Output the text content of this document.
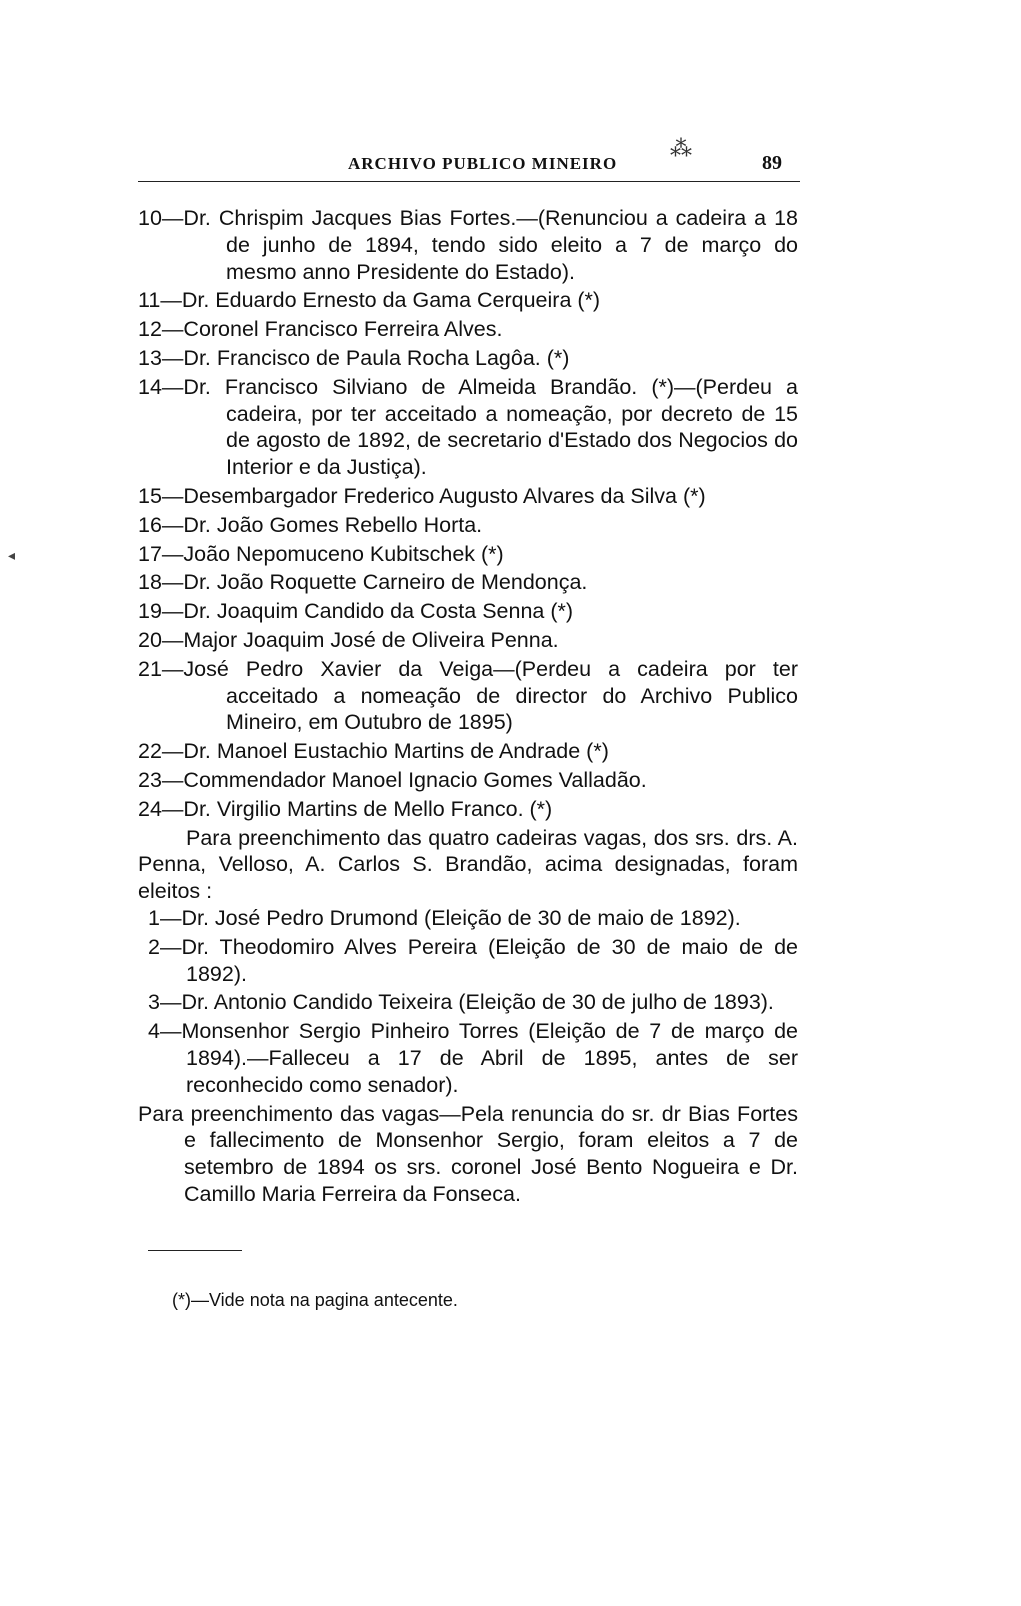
⁂
ARCHIVO PUBLICO MINEIRO	89
◂

10—Dr. Chrispim Jacques Bias Fortes.—(Renunciou a cadeira a 18 de junho de 1894, tendo sido eleito a 7 de março do mesmo anno Presidente do Estado).

11—Dr. Eduardo Ernesto da Gama Cerqueira (*)

12—Coronel Francisco Ferreira Alves.

13—Dr. Francisco de Paula Rocha Lagôa. (*)

14—Dr. Francisco Silviano de Almeida Brandão. (*)—(Perdeu a cadeira, por ter acceitado a nomeação, por decreto de 15 de agosto de 1892, de secretario d'Estado dos Negocios do Interior e da Justiça).

15—Desembargador Frederico Augusto Alvares da Silva (*)

16—Dr. João Gomes Rebello Horta.

17—João Nepomuceno Kubitschek (*)

18—Dr. João Roquette Carneiro de Mendonça.

19—Dr. Joaquim Candido da Costa Senna (*)

20—Major Joaquim José de Oliveira Penna.

21—José Pedro Xavier da Veiga—(Perdeu a cadeira por ter acceitado a nomeação de director do Archivo Publico Mineiro, em Outubro de 1895)

22—Dr. Manoel Eustachio Martins de Andrade (*)

23—Commendador Manoel Ignacio Gomes Valladão.

24—Dr. Virgilio Martins de Mello Franco. (*)

Para preenchimento das quatro cadeiras vagas, dos srs. drs. A. Penna, Velloso, A. Carlos S. Brandão, acima designadas, foram eleitos :

1—Dr. José Pedro Drumond (Eleição de 30 de maio de 1892).

2—Dr. Theodomiro Alves Pereira (Eleição de 30 de maio de de 1892).

3—Dr. Antonio Candido Teixeira (Eleição de 30 de julho de 1893).

4—Monsenhor Sergio Pinheiro Torres (Eleição de 7 de março de 1894).—Falleceu a 17 de Abril de 1895, antes de ser reconhecido como senador).

Para preenchimento das vagas—Pela renuncia do sr. dr Bias Fortes e fallecimento de Monsenhor Sergio, foram eleitos a 7 de setembro de 1894 os srs. coronel José Bento Nogueira e Dr. Camillo Maria Ferreira da Fonseca.

(*)—Vide nota na pagina antecente.
